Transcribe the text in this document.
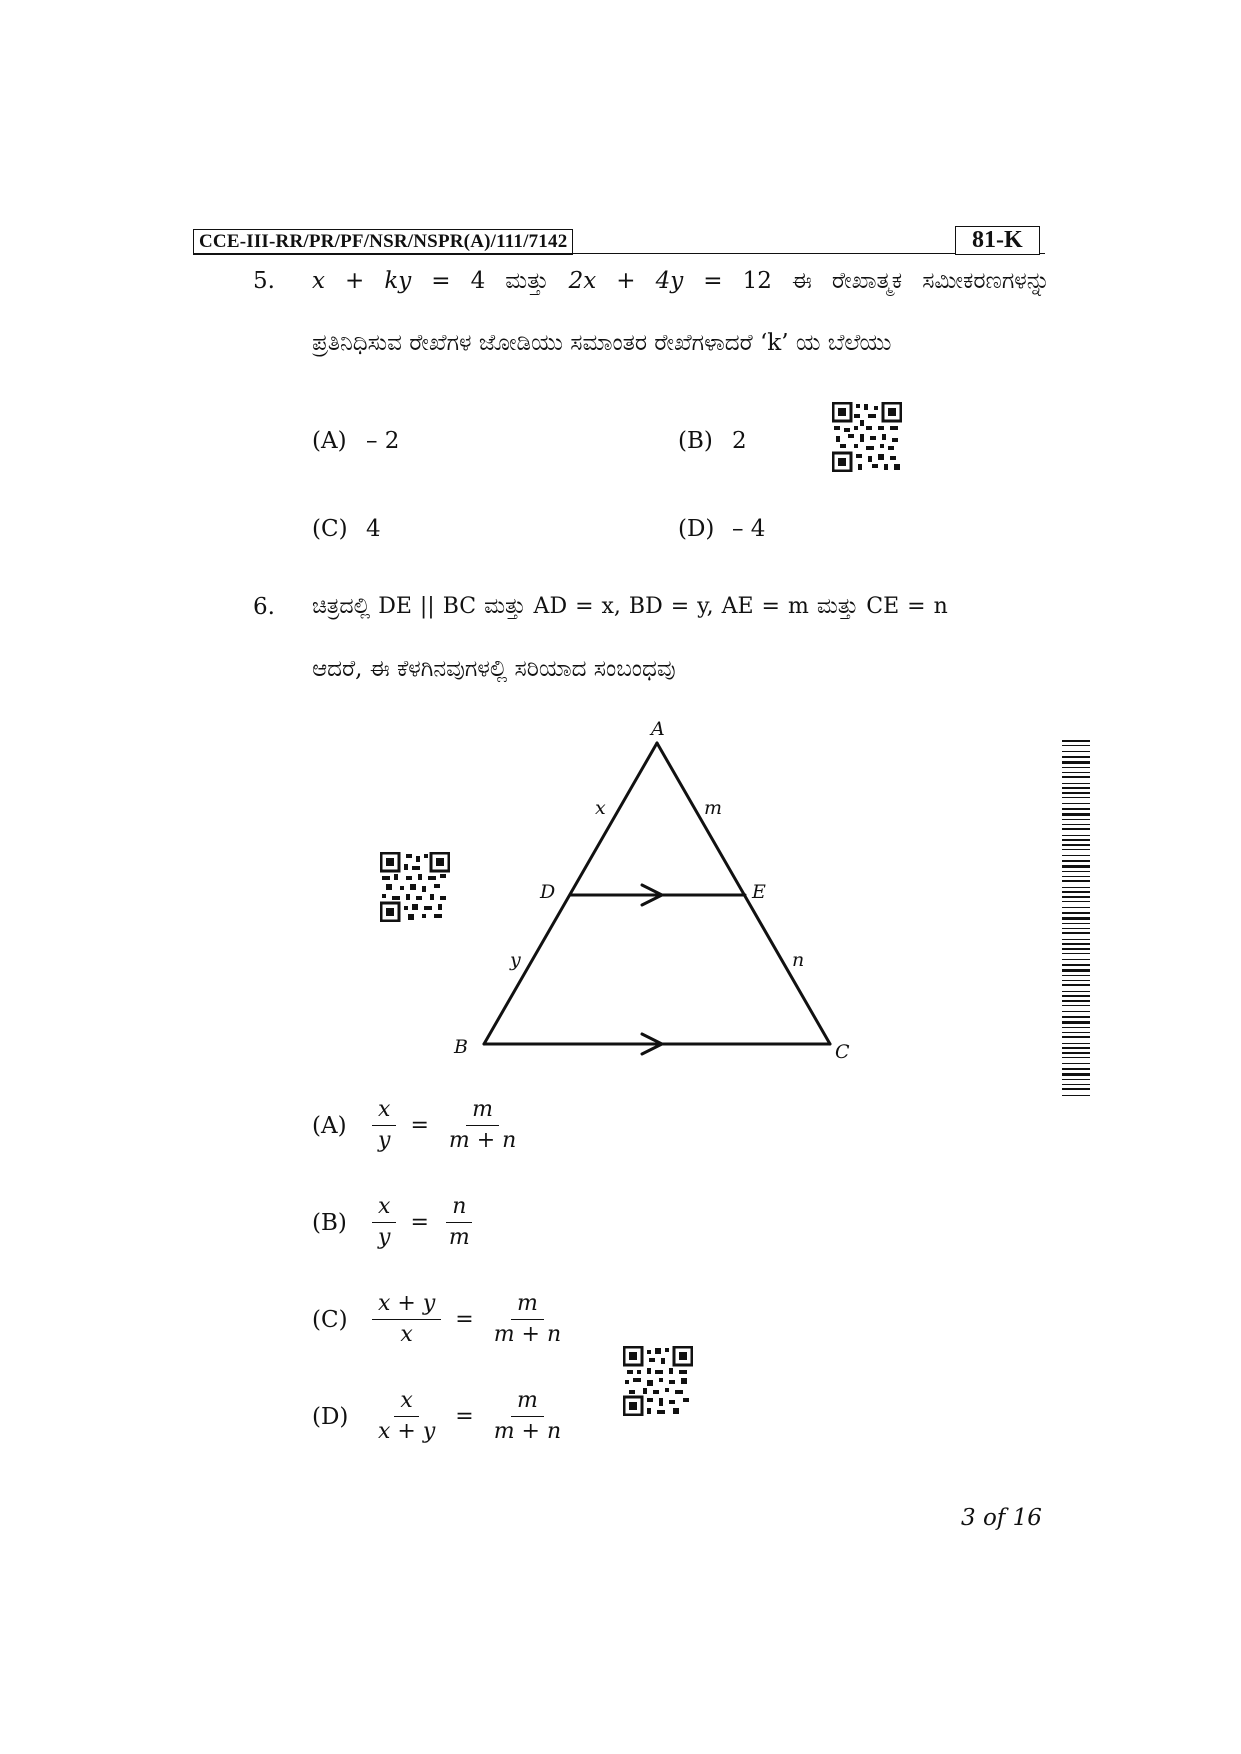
CCE-III-RR/PR/PF/NSR/NSPR(A)/111/7142	81-K
5. x + ky = 4 ಮತ್ತು 2x + 4y = 12 ಈ ರೇಖಾತ್ಮಕ ಸಮೀಕರಣಗಳನ್ನು
ಪ್ರತಿನಿಧಿಸುವ ರೇಖೆಗಳ ಜೋಡಿಯು ಸಮಾಂತರ ರೇಖೆಗಳಾದರೆ ‘k’ ಯ ಬೆಲೆಯು
(A) – 2	(B) 2
(C) 4	(D) – 4
6. ಚಿತ್ರದಲ್ಲಿ DE || BC ಮತ್ತು AD = x, BD = y, AE = m ಮತ್ತು CE = n
ಆದರೆ, ಈ ಕೆಳಗಿನವುಗಳಲ್ಲಿ ಸರಿಯಾದ ಸಂಬಂಧವು
A
D	E
B	C
x	m
y	n
(A)	$\frac{x}{y} = \frac{m}{m + n}$
(B)	$\frac{x}{y} = \frac{n}{m}$
(C)	$\frac{x + y}{x} = \frac{m}{m + n}$
(D)	$\frac{x}{x + y} = \frac{m}{m + n}$
3 of 16
